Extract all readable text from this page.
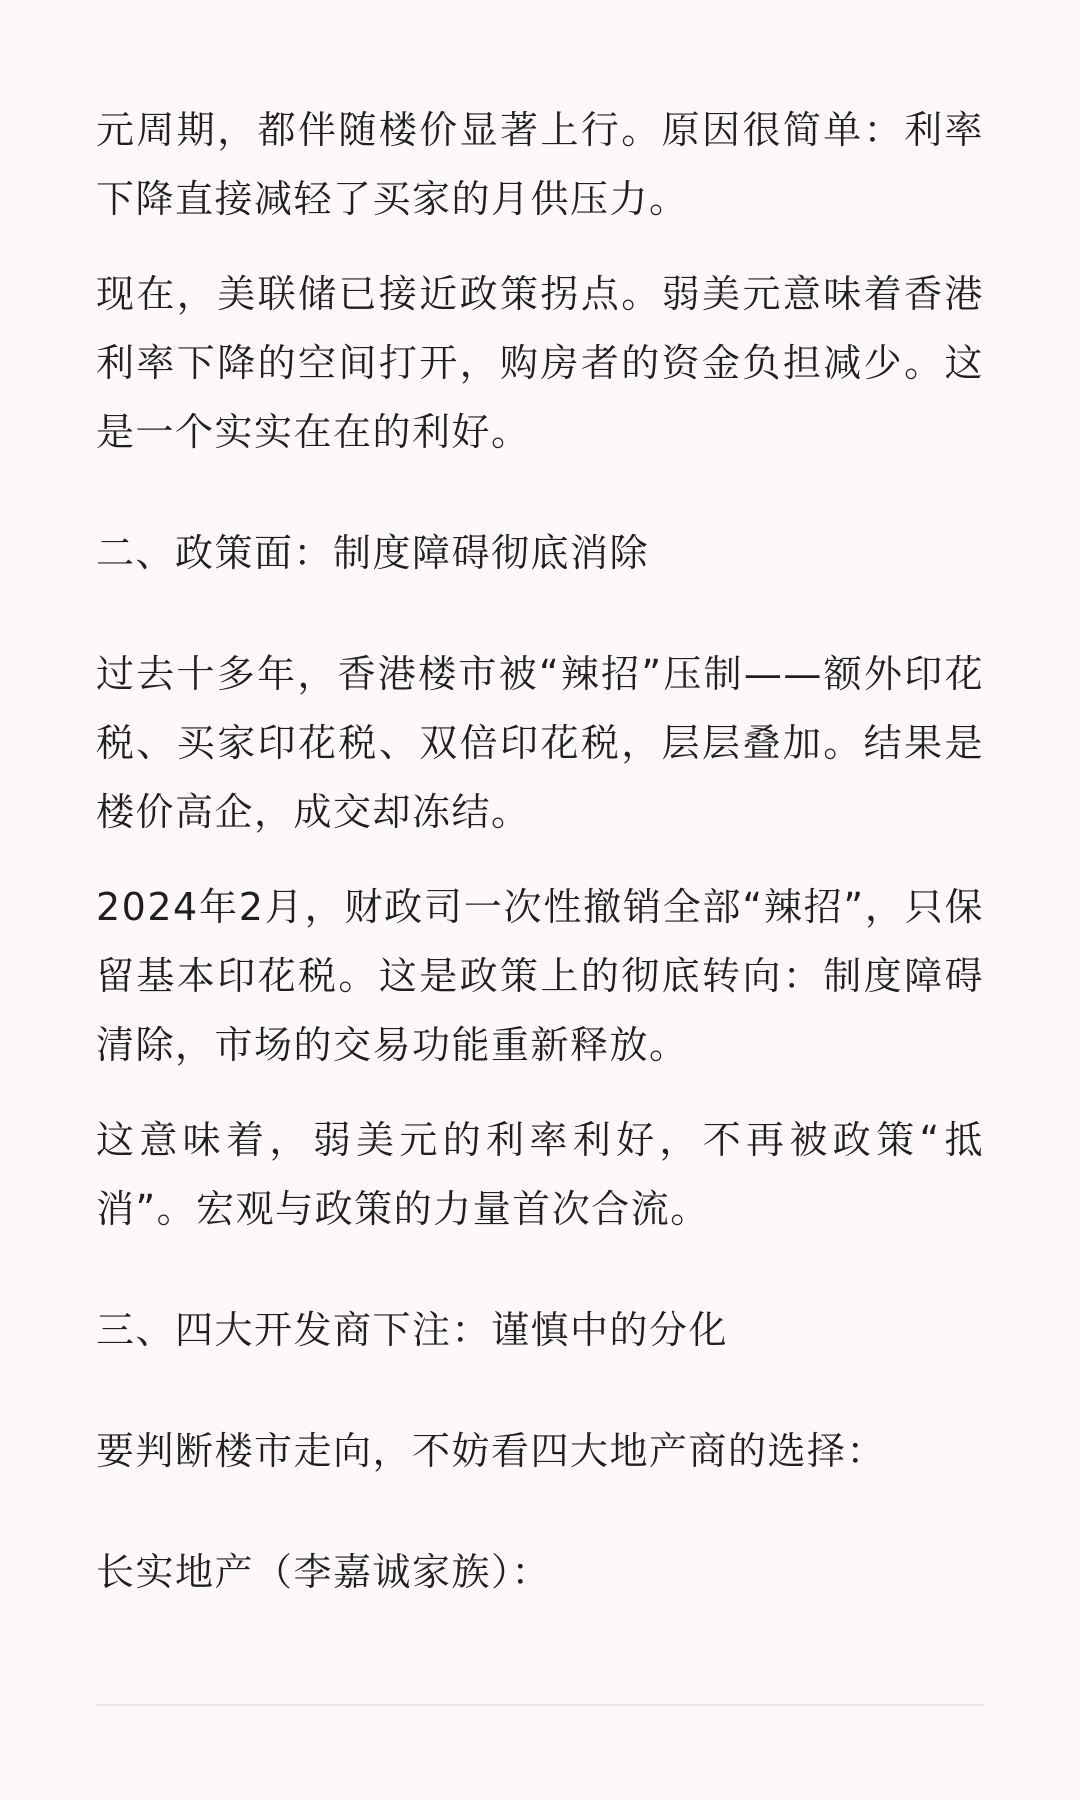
元周期，都伴随楼价显著上行。原因很简单：利率下降直接减轻了买家的月供压力。

现在，美联储已接近政策拐点。弱美元意味着香港利率下降的空间打开，购房者的资金负担减少。这是一个实实在在的利好。

二、政策面：制度障碍彻底消除

过去十多年，香港楼市被“辣招”压制——额外印花税、买家印花税、双倍印花税，层层叠加。结果是楼价高企，成交却冻结。

2024年2月，财政司一次性撤销全部“辣招”，只保留基本印花税。这是政策上的彻底转向：制度障碍清除，市场的交易功能重新释放。

这意味着，弱美元的利率利好，不再被政策“抵消”。宏观与政策的力量首次合流。

三、四大开发商下注：谨慎中的分化

要判断楼市走向，不妨看四大地产商的选择：

长实地产（李嘉诚家族）：
